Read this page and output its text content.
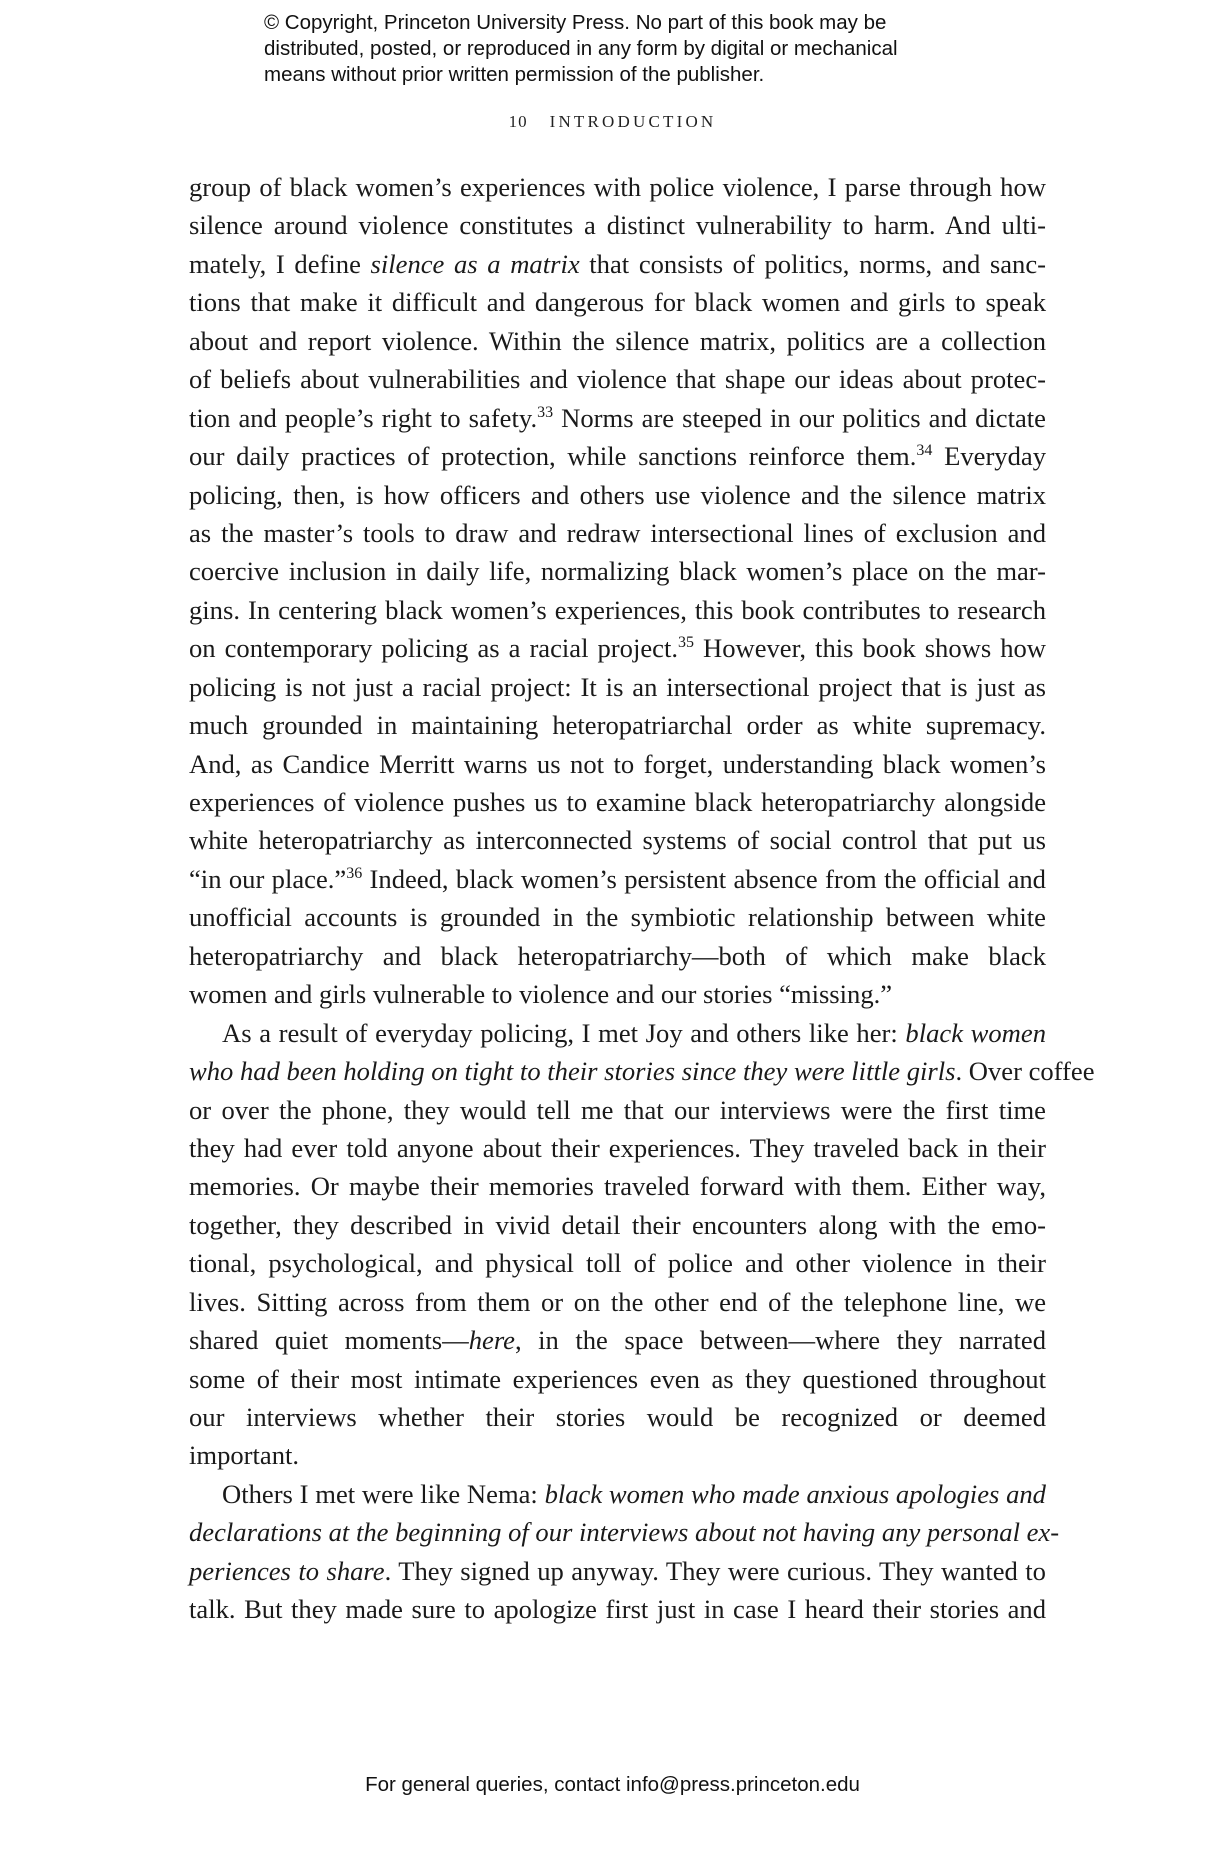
© Copyright, Princeton University Press. No part of this book may be
distributed, posted, or reproduced in any form by digital or mechanical
means without prior written permission of the publisher.
10 INTRODUCTION
group of black women’s experiences with police violence, I parse through how
silence around violence constitutes a distinct vulnerability to harm. And ulti-
mately, I define silence as a matrix that consists of politics, norms, and sanc-
tions that make it difficult and dangerous for black women and girls to speak
about and report violence. Within the silence matrix, politics are a collection
of beliefs about vulnerabilities and violence that shape our ideas about protec-
tion and people’s right to safety.$^{33}$ Norms are steeped in our politics and dictate
our daily practices of protection, while sanctions reinforce them.$^{34}$ Everyday
policing, then, is how officers and others use violence and the silence matrix
as the master’s tools to draw and redraw intersectional lines of exclusion and
coercive inclusion in daily life, normalizing black women’s place on the mar-
gins. In centering black women’s experiences, this book contributes to research
on contemporary policing as a racial project.$^{35}$ However, this book shows how
policing is not just a racial project: It is an intersectional project that is just as
much grounded in maintaining heteropatriarchal order as white supremacy.
And, as Candice Merritt warns us not to forget, understanding black women’s
experiences of violence pushes us to examine black heteropatriarchy alongside
white heteropatriarchy as interconnected systems of social control that put us
“in our place.”$^{36}$ Indeed, black women’s persistent absence from the official and
unofficial accounts is grounded in the symbiotic relationship between white
heteropatriarchy and black heteropatriarchy—both of which make black
women and girls vulnerable to violence and our stories “missing.”
As a result of everyday policing, I met Joy and others like her: black women
who had been holding on tight to their stories since they were little girls. Over coffee
or over the phone, they would tell me that our interviews were the first time
they had ever told anyone about their experiences. They traveled back in their
memories. Or maybe their memories traveled forward with them. Either way,
together, they described in vivid detail their encounters along with the emo-
tional, psychological, and physical toll of police and other violence in their
lives. Sitting across from them or on the other end of the telephone line, we
shared quiet moments—here, in the space between—where they narrated
some of their most intimate experiences even as they questioned throughout
our interviews whether their stories would be recognized or deemed
important.
Others I met were like Nema: black women who made anxious apologies and
declarations at the beginning of our interviews about not having any personal ex-
periences to share. They signed up anyway. They were curious. They wanted to
talk. But they made sure to apologize first just in case I heard their stories and
For general queries, contact info@press.princeton.edu
